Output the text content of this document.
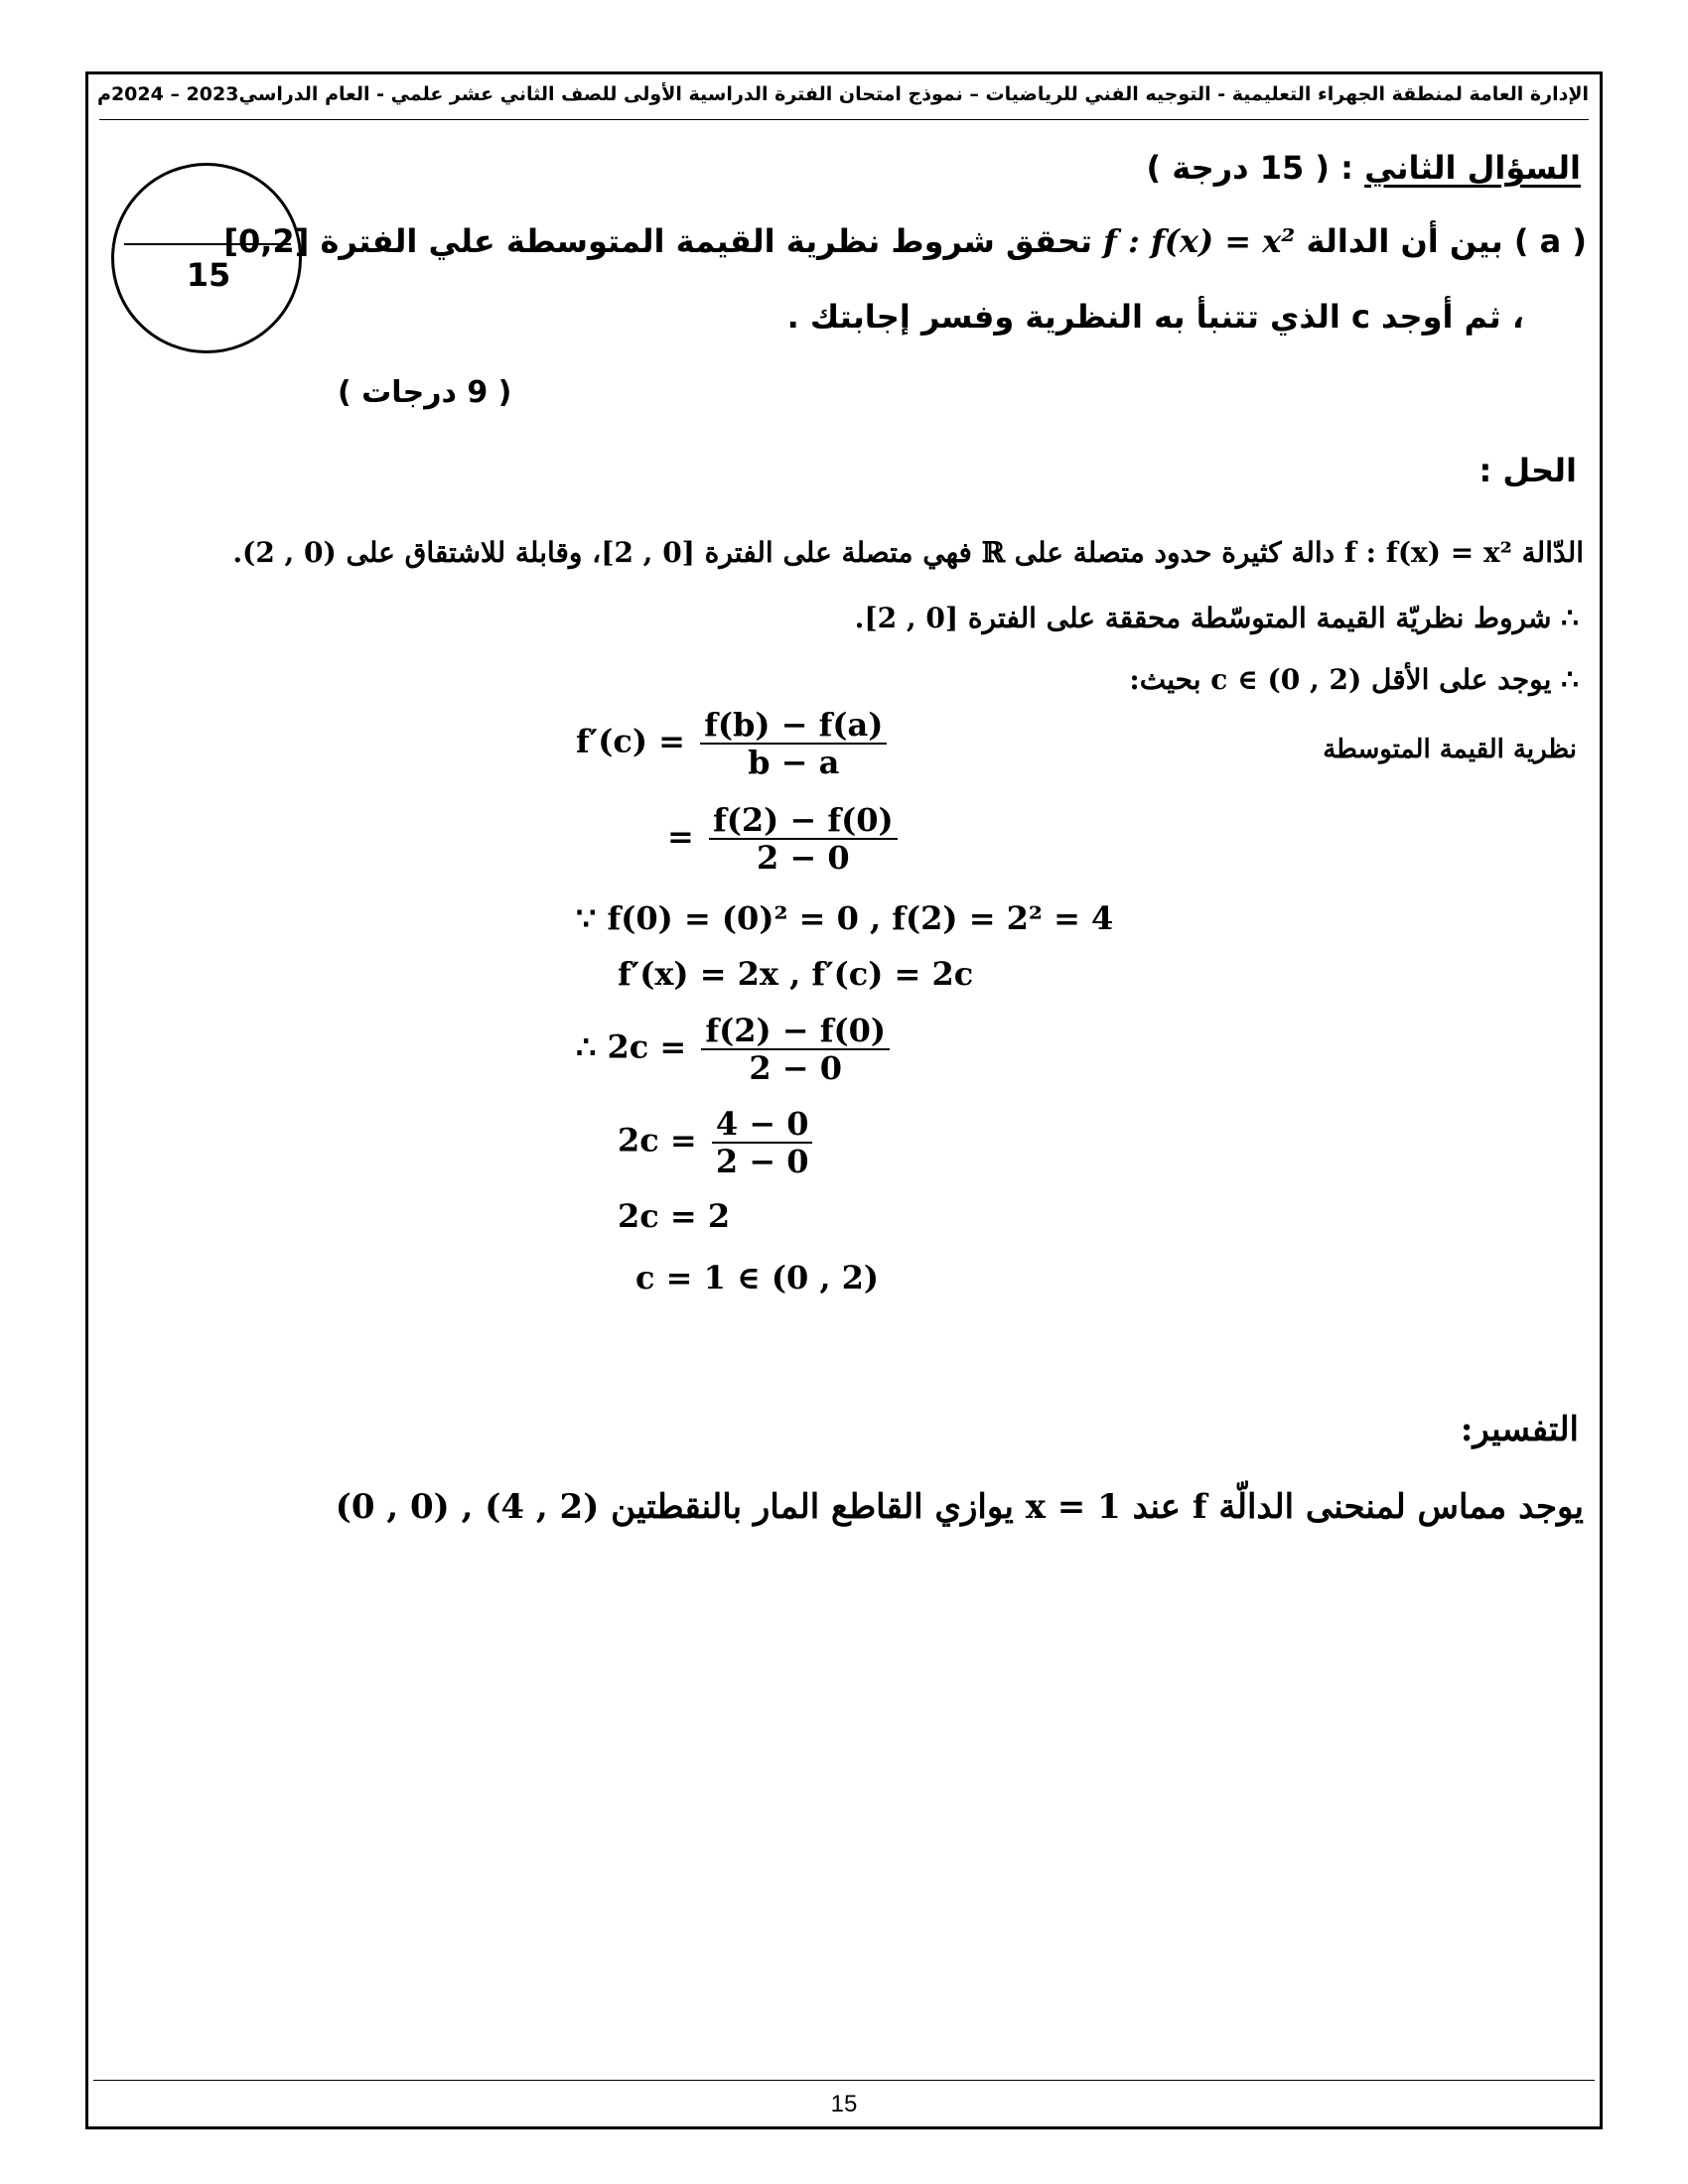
الإدارة العامة لمنطقة الجهراء التعليمية - التوجيه الفني للرياضيات – نموذج امتحان الفترة الدراسية الأولى للصف الثاني عشر علمي - العام الدراسي2023 – 2024م
15
السؤال الثاني : ( 15 درجة )
( a ) بين أن الدالة f : f(x) = x² تحقق شروط نظرية القيمة المتوسطة علي الفترة [0,2]
، ثم أوجد c الذي تتنبأ به النظرية وفسر إجابتك .
( 9 درجات )
الحل :
الدّالة f : f(x) = x² دالة كثيرة حدود متصلة على ℝ فهي متصلة على الفترة [0 , 2]، وقابلة للاشتقاق على (0 , 2).
∴ شروط نظريّة القيمة المتوسّطة محققة على الفترة [0 , 2].
∴ يوجد على الأقل c ∈ (0 , 2) بحيث:
نظرية القيمة المتوسطة
$f'(c) = \frac{f(b) - f(a)}{b - a}$
= $\frac{f(2) - f(0)}{2 - 0}$
∵ f(0) = (0)² = 0 , f(2) = 2² = 4
f′(x) = 2x , f′(c) = 2c
∴ $2c = \frac{f(2) - f(0)}{2 - 0}$
$2c = \frac{4 - 0}{2 - 0}$
2c = 2
c = 1 ∈ (0 , 2)
التفسير:
يوجد مماس لمنحنى الدالّة f عند x = 1 يوازي القاطع المار بالنقطتين (2 , 4) , (0 , 0)
15
